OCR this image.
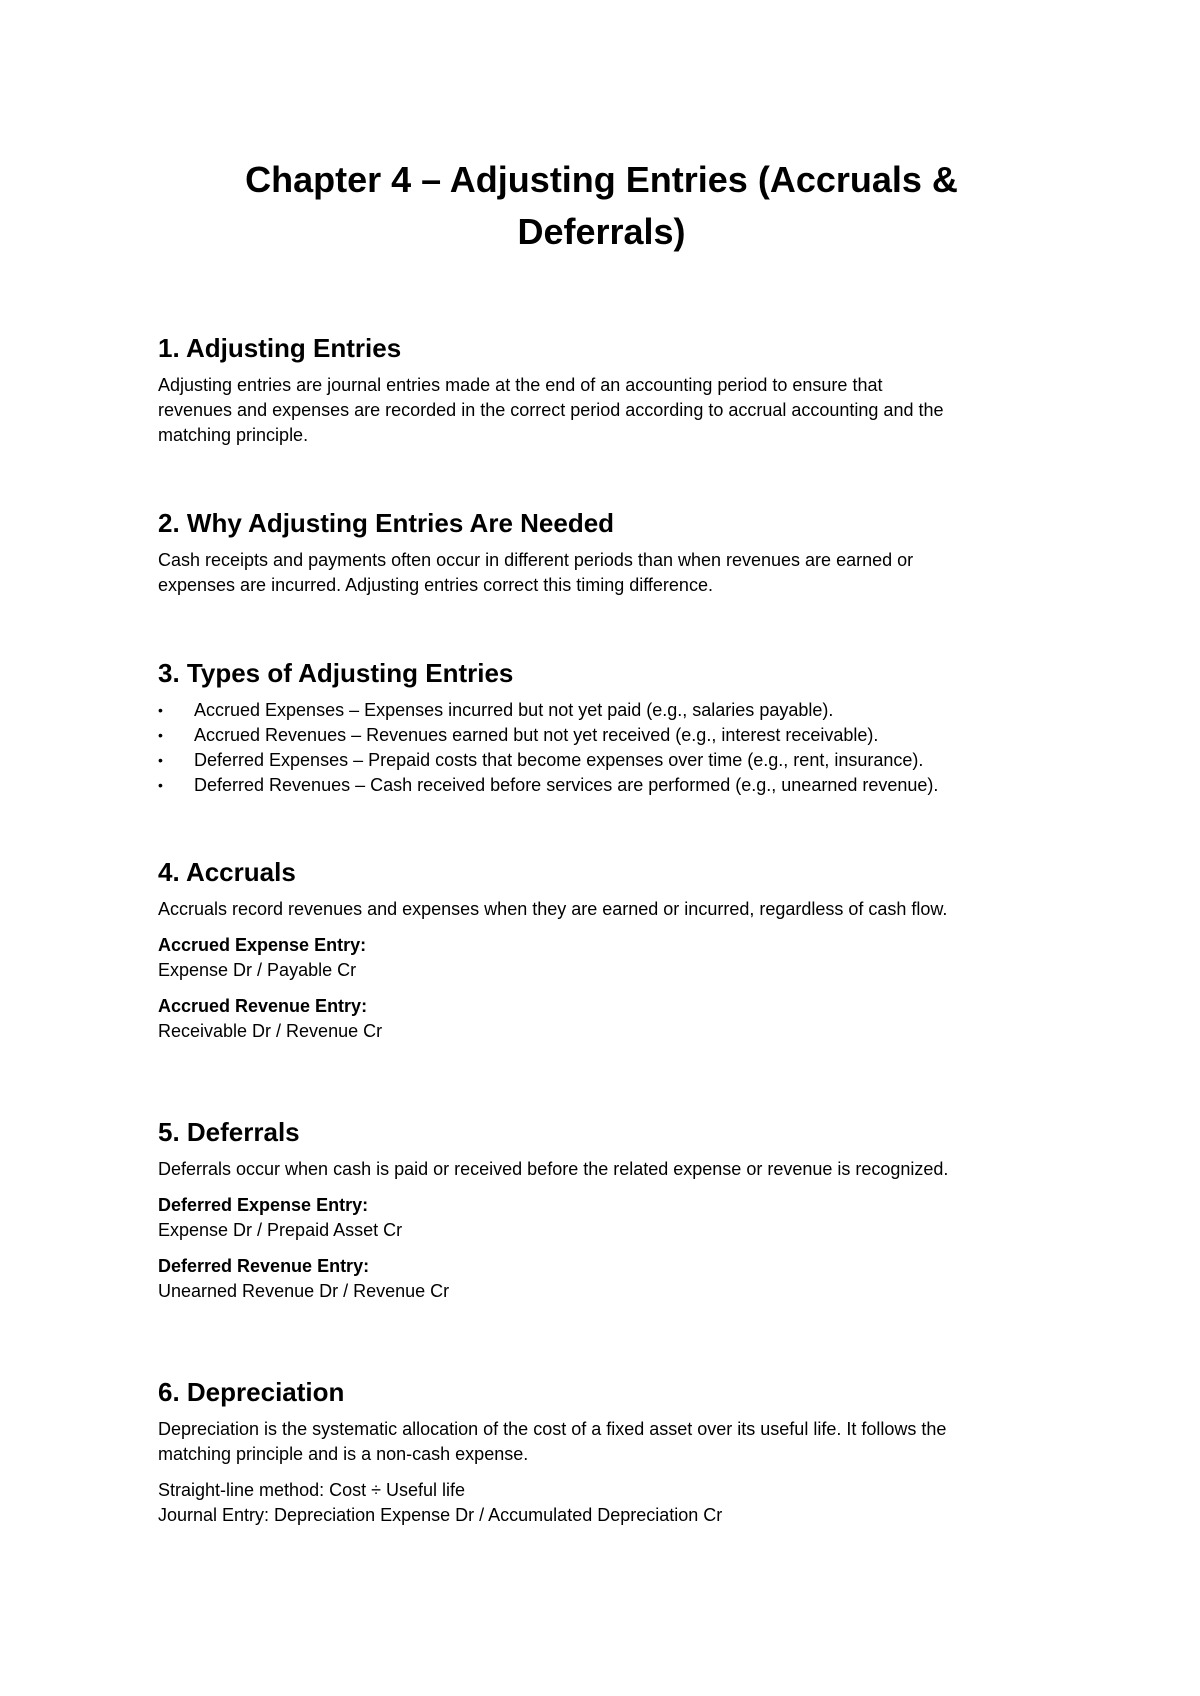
Chapter 4 – Adjusting Entries (Accruals &
Deferrals)
1. Adjusting Entries

Adjusting entries are journal entries made at the end of an accounting period to ensure that
revenues and expenses are recorded in the correct period according to accrual accounting and the
matching principle.

2. Why Adjusting Entries Are Needed

Cash receipts and payments often occur in different periods than when revenues are earned or
expenses are incurred. Adjusting entries correct this timing difference.

3. Types of Adjusting Entries
• Accrued Expenses – Expenses incurred but not yet paid (e.g., salaries payable).
• Accrued Revenues – Revenues earned but not yet received (e.g., interest receivable).
• Deferred Expenses – Prepaid costs that become expenses over time (e.g., rent, insurance).
• Deferred Revenues – Cash received before services are performed (e.g., unearned revenue).
4. Accruals

Accruals record revenues and expenses when they are earned or incurred, regardless of cash flow.

Accrued Expense Entry:
Expense Dr / Payable Cr
Accrued Revenue Entry:
Receivable Dr / Revenue Cr
5. Deferrals

Deferrals occur when cash is paid or received before the related expense or revenue is recognized.

Deferred Expense Entry:
Expense Dr / Prepaid Asset Cr
Deferred Revenue Entry:
Unearned Revenue Dr / Revenue Cr
6. Depreciation

Depreciation is the systematic allocation of the cost of a fixed asset over its useful life. It follows the
matching principle and is a non-cash expense.

Straight-line method: Cost ÷ Useful life
Journal Entry: Depreciation Expense Dr / Accumulated Depreciation Cr
